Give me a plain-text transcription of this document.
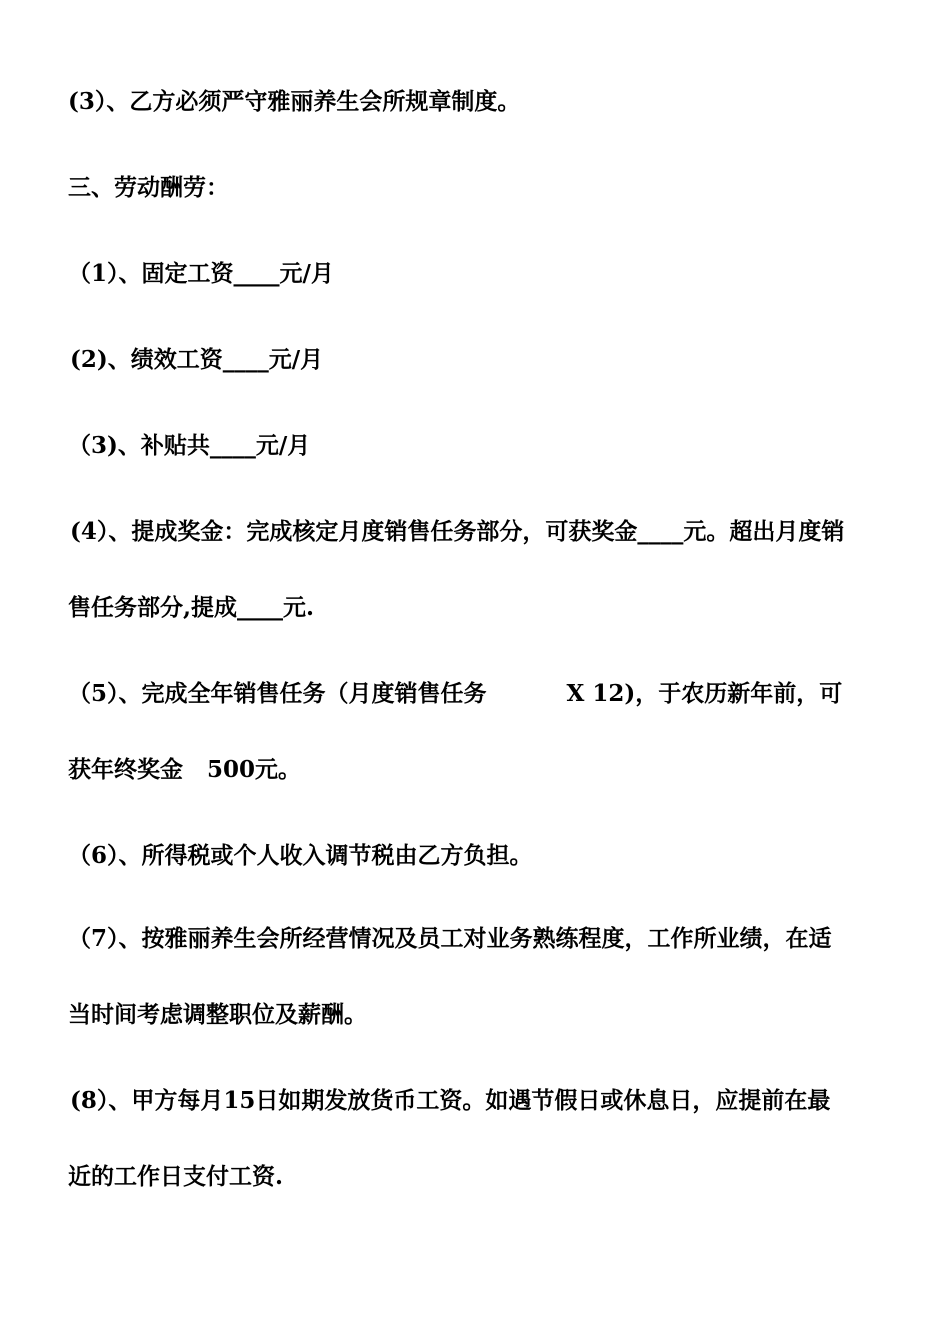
(3）、乙方必须严守雅丽养生会所规章制度。
三、劳动酬劳：
（1）、固定工资____元/月
(2)、绩效工资____元/月
（3)、补贴共____元/月
(4）、提成奖金：完成核定月度销售任务部分，可获奖金____元。超出月度销
售任务部分,提成____元.
（5）、完成全年销售任务（月度销售任务	X 12)，于农历新年前，可
获年终奖金 500元。
（6）、所得税或个人收入调节税由乙方负担。
（7）、按雅丽养生会所经营情况及员工对业务熟练程度，工作所业绩，在适
当时间考虑调整职位及薪酬。
(8）、甲方每月15日如期发放货币工资。如遇节假日或休息日，应提前在最
近的工作日支付工资.
